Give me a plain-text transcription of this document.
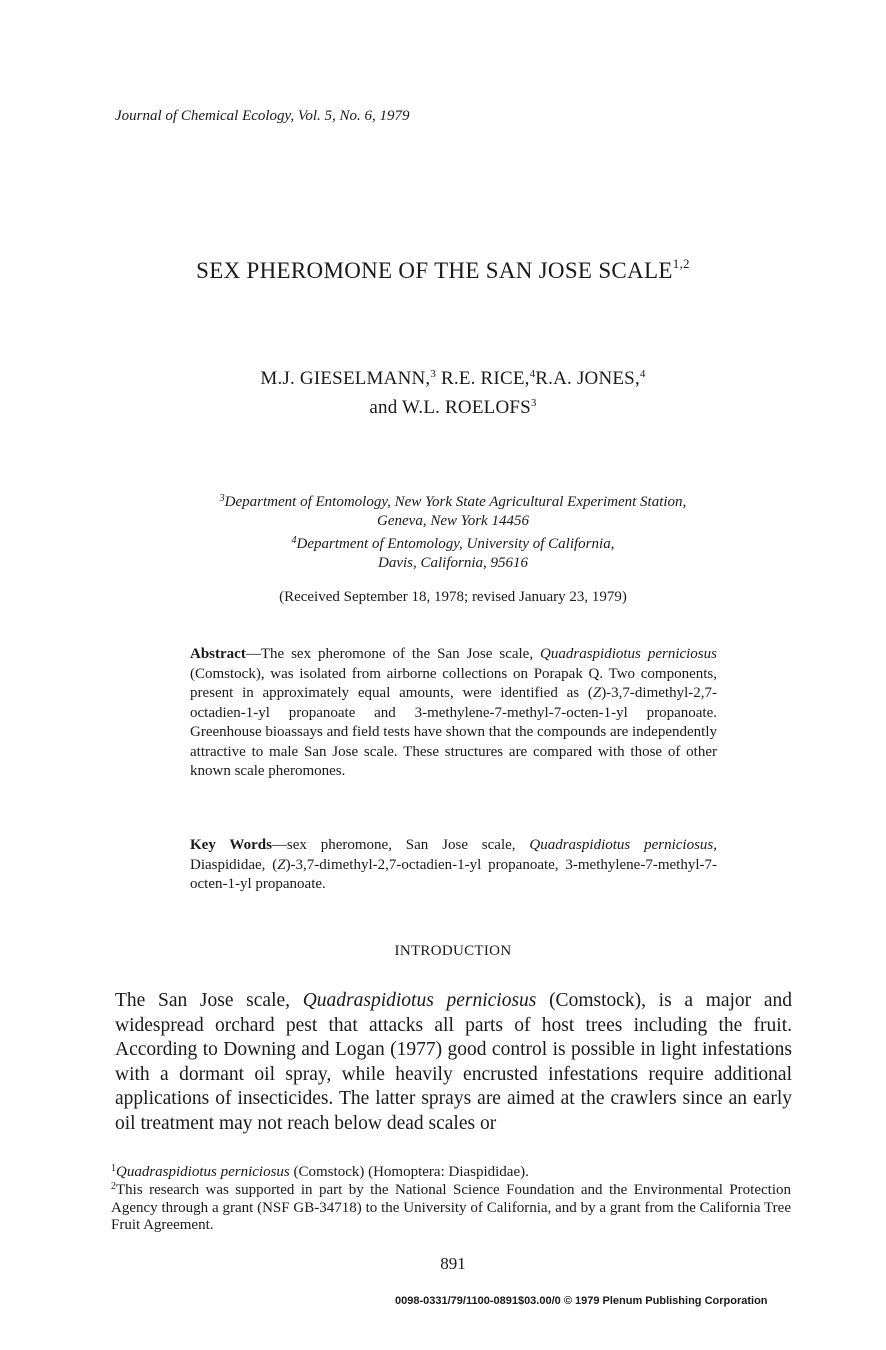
Journal of Chemical Ecology, Vol. 5, No. 6, 1979
SEX PHEROMONE OF THE SAN JOSE SCALE$^{1,2}$
M.J. GIESELMANN,$^3$ R.E. RICE,$^4$R.A. JONES,$^4$
and W.L. ROELOFS$^3$
$^3$Department of Entomology, New York State Agricultural Experiment Station,
Geneva, New York 14456
$^4$Department of Entomology, University of California,
Davis, California, 95616
(Received September 18, 1978; revised January 23, 1979)
Abstract—The sex pheromone of the San Jose scale, Quadraspidiotus perniciosus (Comstock), was isolated from airborne collections on Porapak Q. Two components, present in approximately equal amounts, were identified as (Z)-3,7-dimethyl-2,7-octadien-1-yl propanoate and 3-methylene-7-methyl-7-octen-1-yl propanoate. Greenhouse bioassays and field tests have shown that the compounds are independently attractive to male San Jose scale. These structures are compared with those of other known scale pheromones.
Key Words—sex pheromone, San Jose scale, Quadraspidiotus perniciosus, Diaspididae, (Z)-3,7-dimethyl-2,7-octadien-1-yl propanoate, 3-methylene-7-methyl-7-octen-1-yl propanoate.
INTRODUCTION
The San Jose scale, Quadraspidiotus perniciosus (Comstock), is a major and widespread orchard pest that attacks all parts of host trees including the fruit. According to Downing and Logan (1977) good control is possible in light infestations with a dormant oil spray, while heavily encrusted infestations require additional applications of insecticides. The latter sprays are aimed at the crawlers since an early oil treatment may not reach below dead scales or
$^1$Quadraspidiotus perniciosus (Comstock) (Homoptera: Diaspididae).
$^2$This research was supported in part by the National Science Foundation and the Environmental Protection Agency through a grant (NSF GB-34718) to the University of California, and by a grant from the California Tree Fruit Agreement.
891
0098-0331/79/1100-0891$03.00/0 © 1979 Plenum Publishing Corporation
